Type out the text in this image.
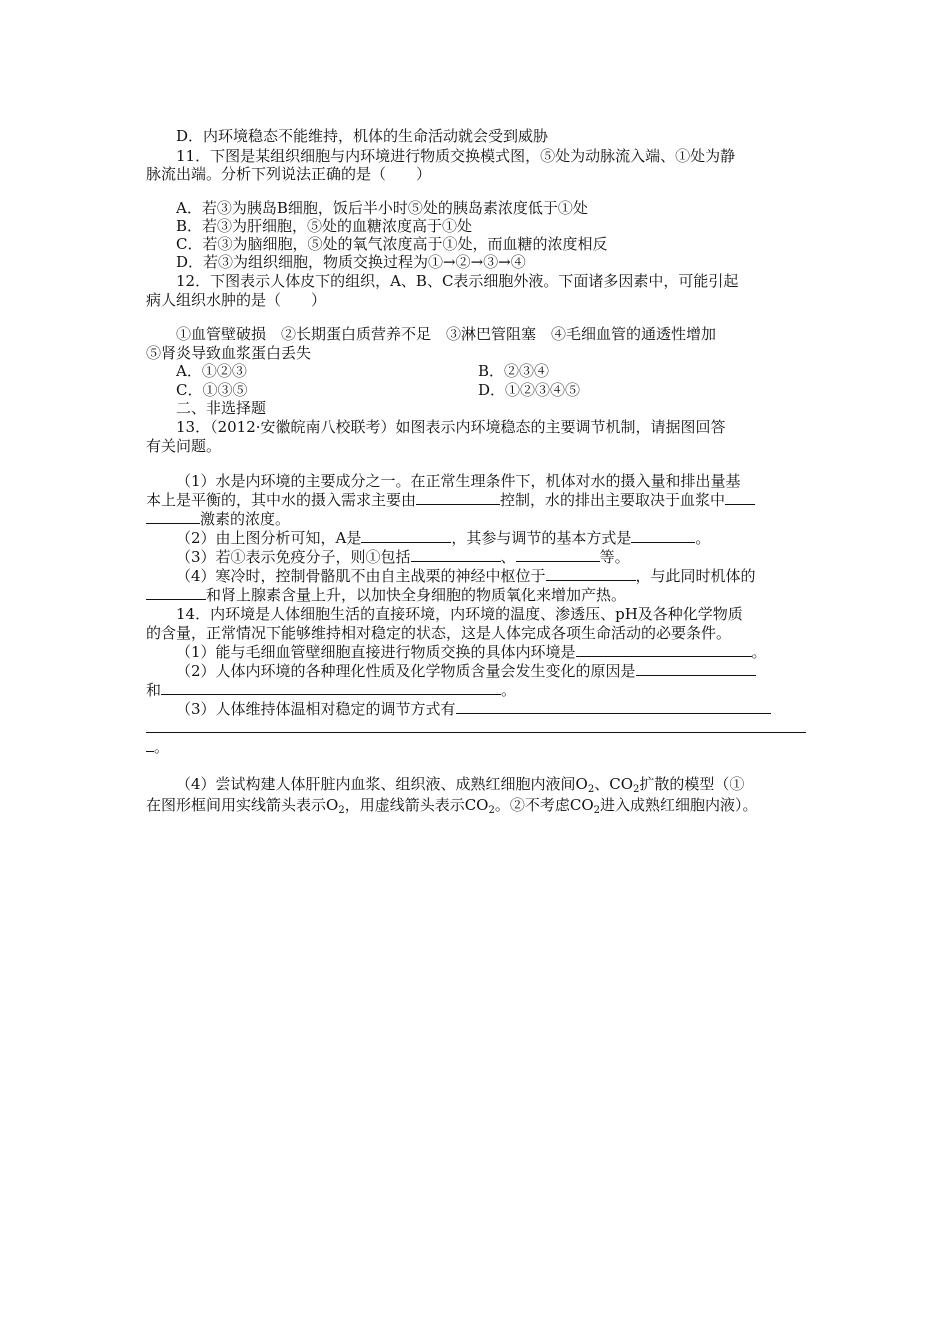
D．内环境稳态不能维持，机体的生命活动就会受到威胁
11．下图是某组织细胞与内环境进行物质交换模式图，⑤处为动脉流入端、①处为静
脉流出端。分析下列说法正确的是（　　）
A．若③为胰岛B细胞，饭后半小时⑤处的胰岛素浓度低于①处
B．若③为肝细胞，⑤处的血糖浓度高于①处
C．若③为脑细胞，⑤处的氧气浓度高于①处，而血糖的浓度相反
D．若③为组织细胞，物质交换过程为①→②→③→④
12．下图表示人体皮下的组织，A、B、C表示细胞外液。下面诸多因素中，可能引起
病人组织水肿的是（　　）
①血管壁破损　②长期蛋白质营养不足　③淋巴管阻塞　④毛细血管的通透性增加
⑤肾炎导致血浆蛋白丢失
A．①②③	B．②③④
C．①③⑤	D．①②③④⑤
二、非选择题
13．（2012·安徽皖南八校联考）如图表示内环境稳态的主要调节机制，请据图回答
有关问题。
（1）水是内环境的主要成分之一。在正常生理条件下，机体对水的摄入量和排出量基
本上是平衡的，其中水的摄入需求主要由	控制，水的排出主要取决于血浆中
激素的浓度。
（2）由上图分析可知，A是	，其参与调节的基本方式是	。
（3）若①表示免疫分子，则①包括	、	等。
（4）寒冷时，控制骨骼肌不由自主战栗的神经中枢位于	，与此同时机体的
和肾上腺素含量上升，以加快全身细胞的物质氧化来增加产热。
14．内环境是人体细胞生活的直接环境，内环境的温度、渗透压、pH及各种化学物质
的含量，正常情况下能够维持相对稳定的状态，这是人体完成各项生命活动的必要条件。
（1）能与毛细血管壁细胞直接进行物质交换的具体内环境是	。
（2）人体内环境的各种理化性质及化学物质含量会发生变化的原因是
和	。
（3）人体维持体温相对稳定的调节方式有
。
（4）尝试构建人体肝脏内血浆、组织液、成熟红细胞内液间$O_2$、$CO_2$扩散的模型（①
在图形框间用实线箭头表示$O_2$，用虚线箭头表示$CO_2$。②不考虑$CO_2$进入成熟红细胞内液）。
